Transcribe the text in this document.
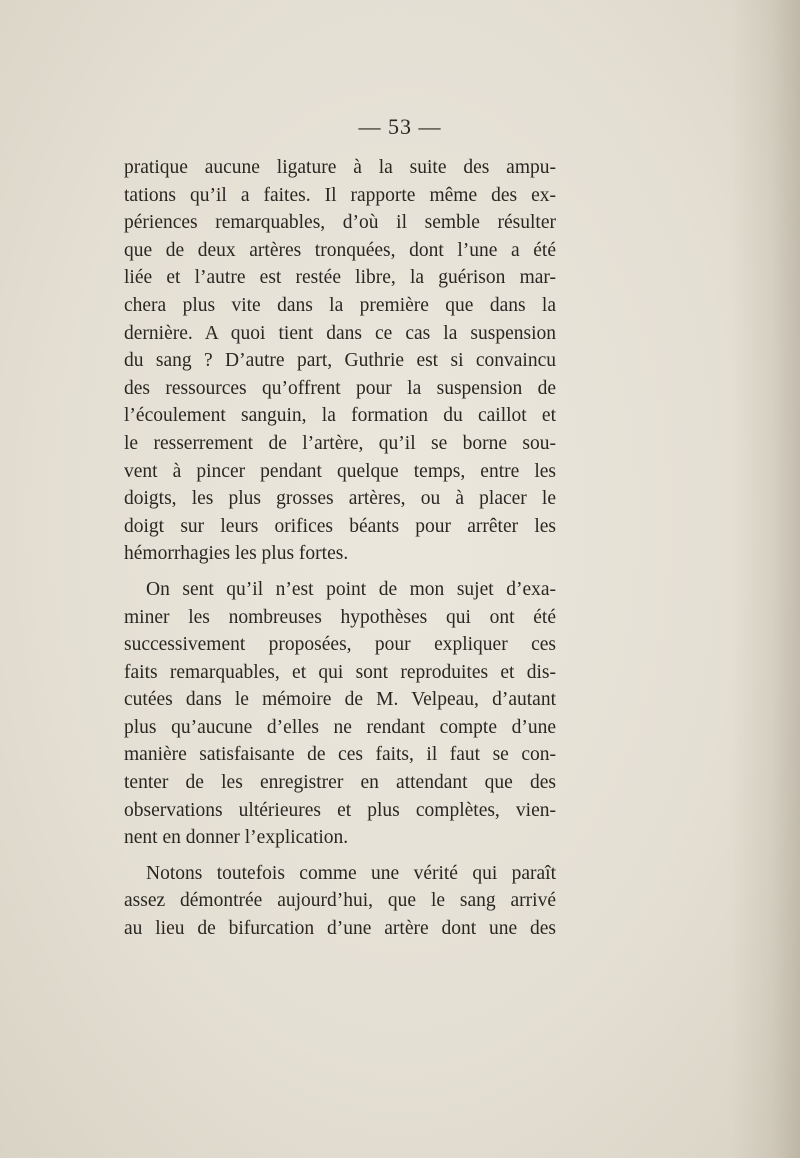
— 53 —

pratique aucune ligature à la suite des ampu-
tations qu’il a faites. Il rapporte même des ex-
périences remarquables, d’où il semble résulter
que de deux artères tronquées, dont l’une a été
liée et l’autre est restée libre, la guérison mar-
chera plus vite dans la première que dans la
dernière. A quoi tient dans ce cas la suspension
du sang ? D’autre part, Guthrie est si convaincu
des ressources qu’offrent pour la suspension de
l’écoulement sanguin, la formation du caillot et
le resserrement de l’artère, qu’il se borne sou-
vent à pincer pendant quelque temps, entre les
doigts, les plus grosses artères, ou à placer le
doigt sur leurs orifices béants pour arrêter les
hémorrhagies les plus fortes.

On sent qu’il n’est point de mon sujet d’exa-
miner les nombreuses hypothèses qui ont été
successivement proposées, pour expliquer ces
faits remarquables, et qui sont reproduites et dis-
cutées dans le mémoire de M. Velpeau, d’autant
plus qu’aucune d’elles ne rendant compte d’une
manière satisfaisante de ces faits, il faut se con-
tenter de les enregistrer en attendant que des
observations ultérieures et plus complètes, vien-
nent en donner l’explication.

Notons toutefois comme une vérité qui paraît
assez démontrée aujourd’hui, que le sang arrivé
au lieu de bifurcation d’une artère dont une des
